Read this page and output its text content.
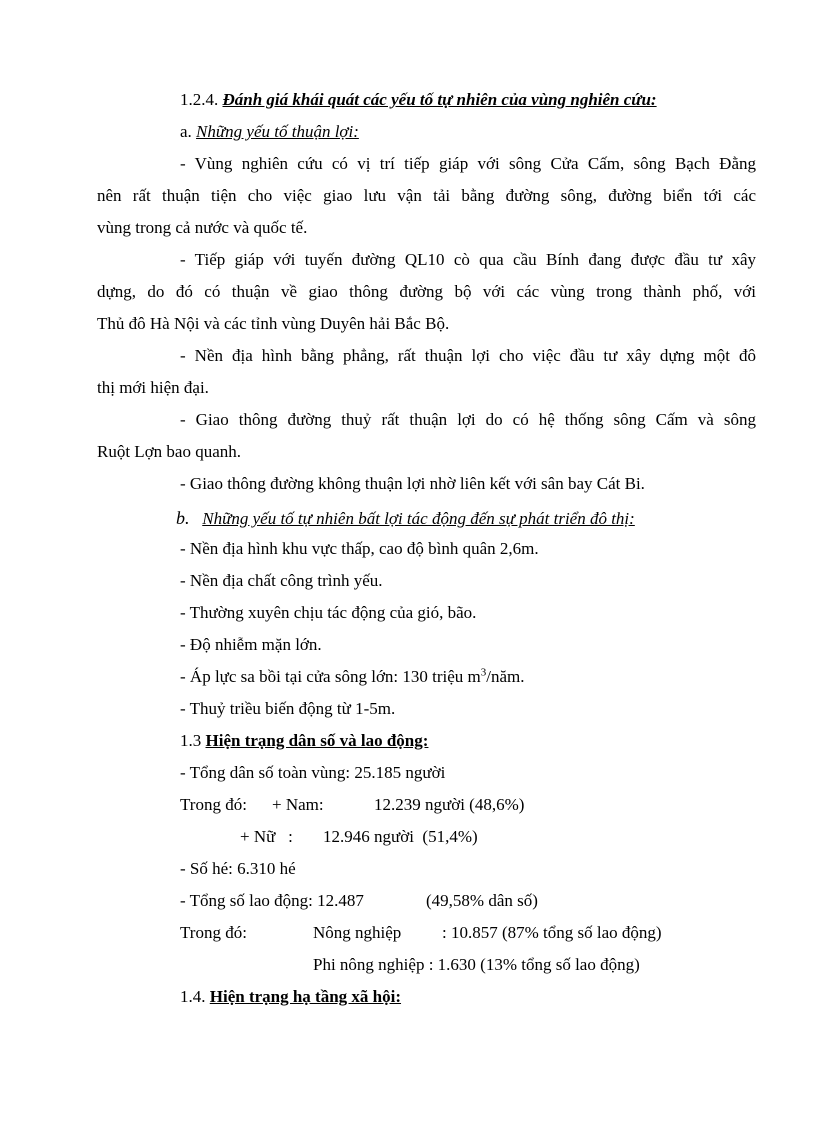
1.2.4. Đánh giá khái quát các yếu tố tự nhiên của vùng nghiên cứu:
a. Những yếu tố thuận lợi:
- Vùng nghiên cứu có vị trí tiếp giáp với sông Cửa Cấm, sông Bạch Đằng
nên rất thuận tiện cho việc giao lưu vận tải bằng đường sông, đường biển tới các
vùng trong cả nước và quốc tế.
- Tiếp giáp với tuyến đường QL10 cò qua cầu Bính đang được đầu tư xây
dựng, do đó có thuận về giao thông đường bộ với các vùng trong thành phố, với
Thủ đô Hà Nội và các tỉnh vùng Duyên hải Bắc Bộ.
- Nền địa hình bằng phẳng, rất thuận lợi cho việc đầu tư xây dựng một đô
thị mới hiện đại.
- Giao thông đường thuỷ rất thuận lợi do có hệ thống sông Cấm và sông
Ruột Lợn bao quanh.
- Giao thông đường không thuận lợi nhờ liên kết với sân bay Cát Bi.
b. Những yếu tố tự nhiên bất lợi tác động đến sự phát triển đô thị:
- Nền địa hình khu vực thấp, cao độ bình quân 2,6m.
- Nền địa chất công trình yếu.
- Thường xuyên chịu tác động của gió, bão.
- Độ nhiễm mặn lớn.
- Áp lực sa bồi tại cửa sông lớn: 130 triệu $m^3$/năm.
- Thuỷ triều biến động từ 1-5m.
1.3 Hiện trạng dân số và lao động:
- Tổng dân số toàn vùng: 25.185 người
Trong đó: + Nam:	12.239 người (48,6%)
+ Nữ   : 12.946 người  (51,4%)
- Số hé: 6.310 hé
- Tổng số lao động: 12.487	(49,58% dân số)
Trong đó:	Nông nghiệp : 10.857 (87% tổng số lao động)
Phi nông nghiệp : 1.630 (13% tổng số lao động)
1.4. Hiện trạng hạ tầng xã hội:
